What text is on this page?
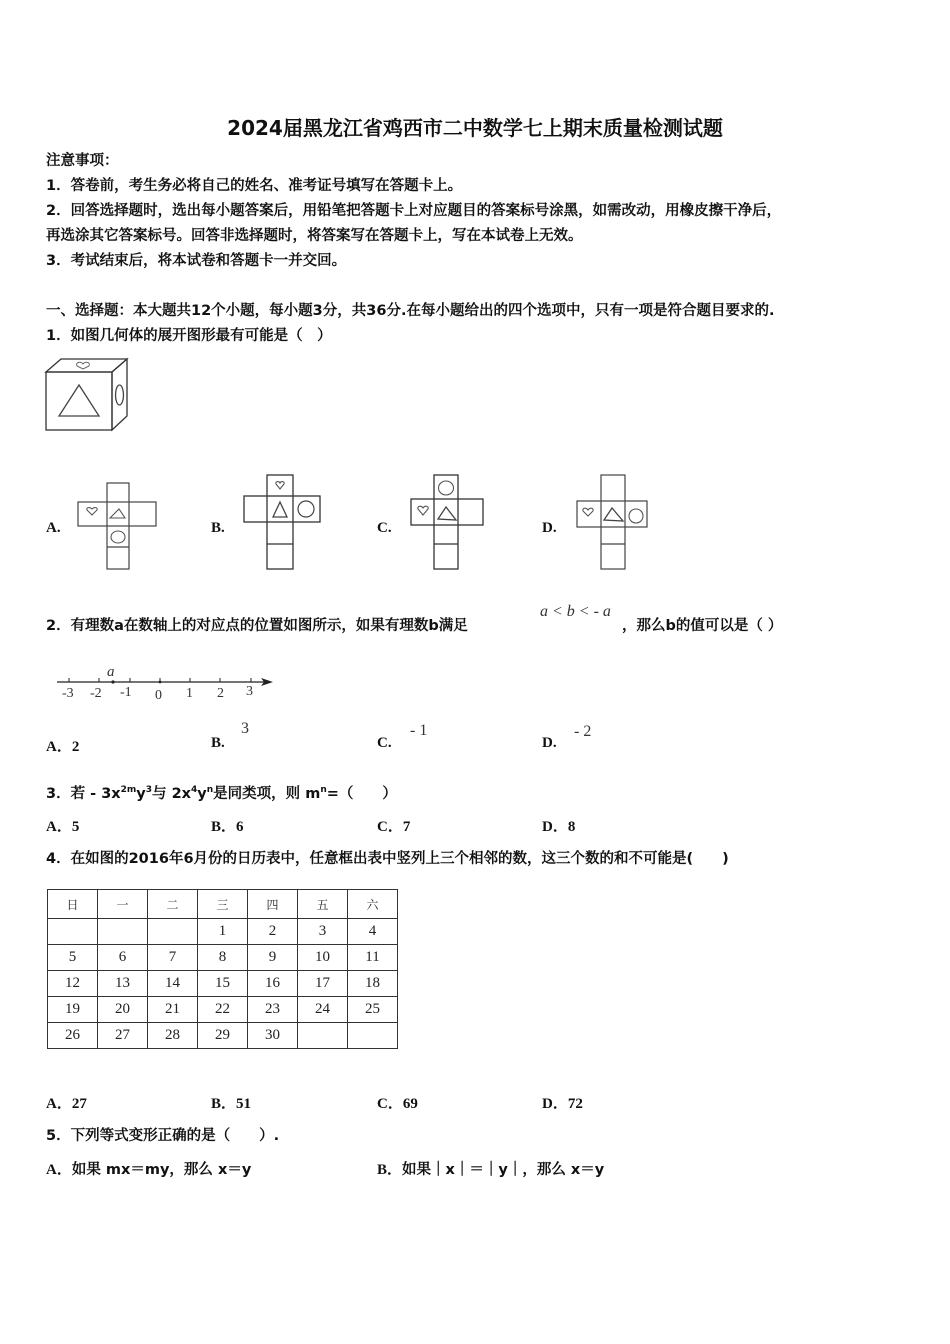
2024届黑龙江省鸡西市二中数学七上期末质量检测试题
注意事项：
1．答卷前，考生务必将自己的姓名、准考证号填写在答题卡上。
2．回答选择题时，选出每小题答案后，用铅笔把答题卡上对应题目的答案标号涂黑，如需改动，用橡皮擦干净后，
再选涂其它答案标号。回答非选择题时，将答案写在答题卡上，写在本试卷上无效。
3．考试结束后，将本试卷和答题卡一并交回。
一、选择题：本大题共12个小题，每小题3分，共36分.在每小题给出的四个选项中，只有一项是符合题目要求的.
1．如图几何体的展开图形最有可能是（　）
A.	B.	C.	D.
2．有理数a在数轴上的对应点的位置如图所示，如果有理数b满足
a < b < - a
，那么b的值可以是（ ）
a
-3 -2 -1 0 1 2 3
A．2	B.
3
C.
- 1
D.
- 2
3．若 - $3x^{2m}y^3$与 $2x^4y^n$是同类项，则 $m^n=$（　　）
A．5	B．6	C．7	D．8
4．在如图的2016年6月份的日历表中，任意框出表中竖列上三个相邻的数，这三个数的和不可能是(　　)
日	一	二	三	四	五	六
			1	2	3	4
5	6	7	8	9	10	11
12	13	14	15	16	17	18
19	20	21	22	23	24	25
26	27	28	29	30		
A．27	B．51	C．69	D．72
5．下列等式变形正确的是（　　）.
A．如果 mx＝my，那么 x＝y	B．如果｜x｜＝｜y｜，那么 x＝y
